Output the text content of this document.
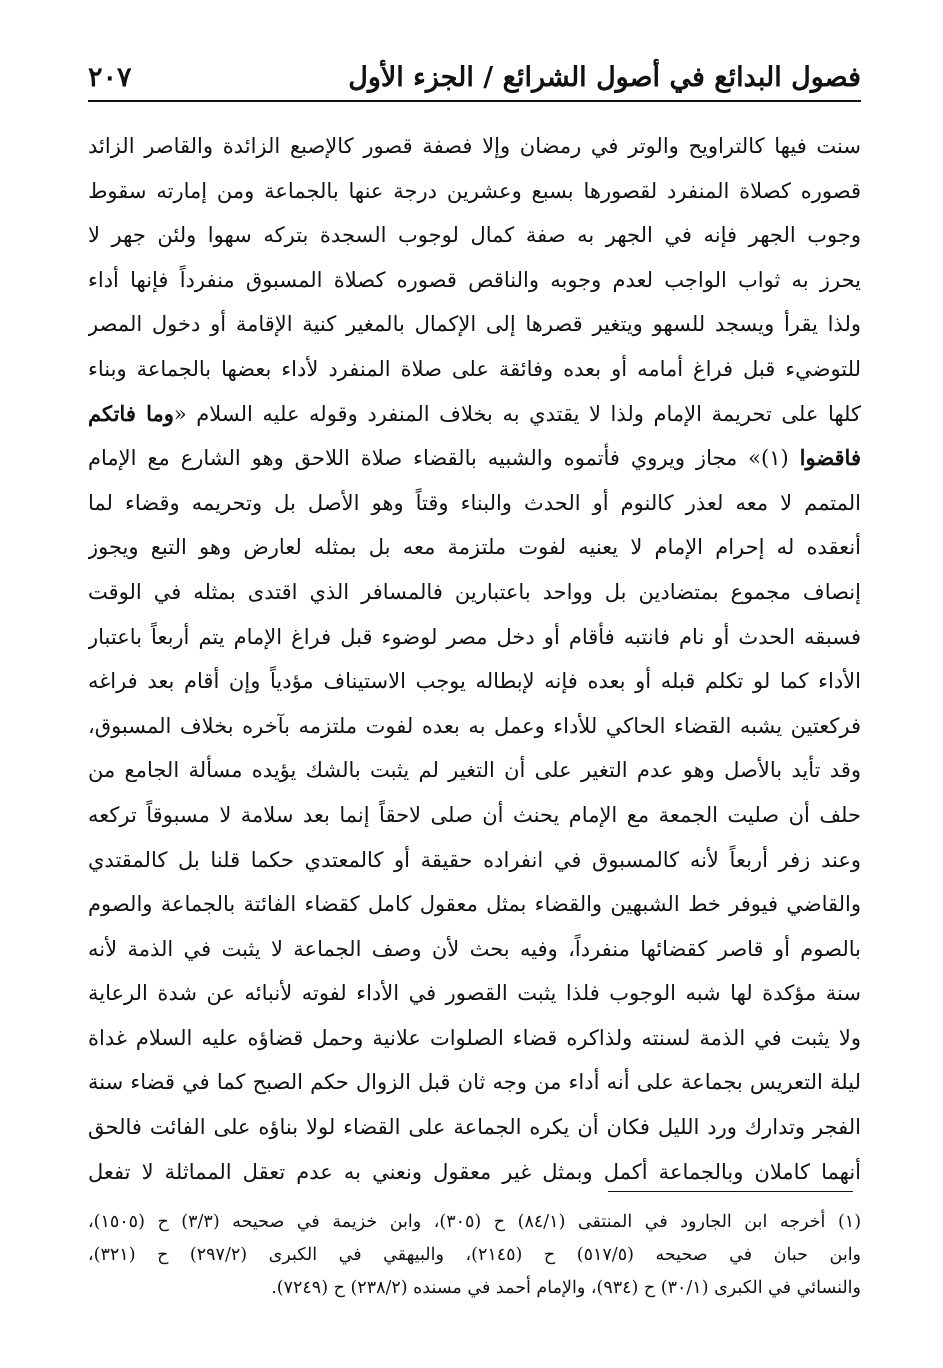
فصول البدائع في أصول الشرائع / الجزء الأول
٢٠٧
سنت فيها كالتراويح والوتر في رمضان وإلا فصفة قصور كالإصبع الزائدة والقاصر الزائد
قصوره كصلاة المنفرد لقصورها بسبع وعشرين درجة عنها بالجماعة ومن إمارته سقوط
وجوب الجهر فإنه في الجهر به صفة كمال لوجوب السجدة بتركه سهوا ولئن جهر لا
يحرز به ثواب الواجب لعدم وجوبه والناقص قصوره كصلاة المسبوق منفرداً فإنها أداء
ولذا يقرأ ويسجد للسهو ويتغير قصرها إلى الإكمال بالمغير كنية الإقامة أو دخول المصر
للتوضيء قبل فراغ أمامه أو بعده وفائقة على صلاة المنفرد لأداء بعضها بالجماعة وبناء
كلها على تحريمة الإمام ولذا لا يقتدي به بخلاف المنفرد وقوله عليه السلام «وما فاتكم
فاقضوا (١)» مجاز ويروي فأتموه والشبيه بالقضاء صلاة اللاحق وهو الشارع مع الإمام
المتمم لا معه لعذر كالنوم أو الحدث والبناء وقتاً وهو الأصل بل وتحريمه وقضاء لما
أنعقده له إحرام الإمام لا يعنيه لفوت ملتزمة معه بل بمثله لعارض وهو التبع ويجوز
إنصاف مجموع بمتضادين بل وواحد باعتبارين فالمسافر الذي اقتدى بمثله في الوقت
فسبقه الحدث أو نام فانتبه فأقام أو دخل مصر لوضوء قبل فراغ الإمام يتم أربعاً باعتبار
الأداء كما لو تكلم قبله أو بعده فإنه لإبطاله يوجب الاستيناف مؤدياً وإن أقام بعد فراغه
فركعتين يشبه القضاء الحاكي للأداء وعمل به بعده لفوت ملتزمه بآخره بخلاف المسبوق،
وقد تأيد بالأصل وهو عدم التغير على أن التغير لم يثبت بالشك يؤيده مسألة الجامع من
حلف أن صليت الجمعة مع الإمام يحنث أن صلى لاحقاً إنما بعد سلامة لا مسبوقاً تركعه
وعند زفر أربعاً لأنه كالمسبوق في انفراده حقيقة أو كالمعتدي حكما قلنا بل كالمقتدي
والقاضي فيوفر خط الشبهين والقضاء بمثل معقول كامل كقضاء الفائتة بالجماعة والصوم
بالصوم أو قاصر كقضائها منفرداً، وفيه بحث لأن وصف الجماعة لا يثبت في الذمة لأنه
سنة مؤكدة لها شبه الوجوب فلذا يثبت القصور في الأداء لفوته لأنبائه عن شدة الرعاية
ولا يثبت في الذمة لسنته ولذاكره قضاء الصلوات علانية وحمل قضاؤه عليه السلام غداة
ليلة التعريس بجماعة على أنه أداء من وجه ثان قبل الزوال حكم الصبح كما في قضاء سنة
الفجر وتدارك ورد الليل فكان أن يكره الجماعة على القضاء لولا بناؤه على الفائت فالحق
أنهما كاملان وبالجماعة أكمل وبمثل غير معقول ونعني به عدم تعقل المماثلة لا تفعل
(١) أخرجه ابن الجارود في المنتقى (٨٤/١) ح (٣٠٥)، وابن خزيمة في صحيحه (٣/٣) ح (١٥٠٥)،
وابن حبان في صحيحه (٥١٧/٥) ح (٢١٤٥)، والبيهقي في الكبرى (٢٩٧/٢) ح (٣٢١)،
والنسائي في الكبرى (٣٠/١) ح (٩٣٤)، والإمام أحمد في مسنده (٢٣٨/٢) ح (٧٢٤٩).
